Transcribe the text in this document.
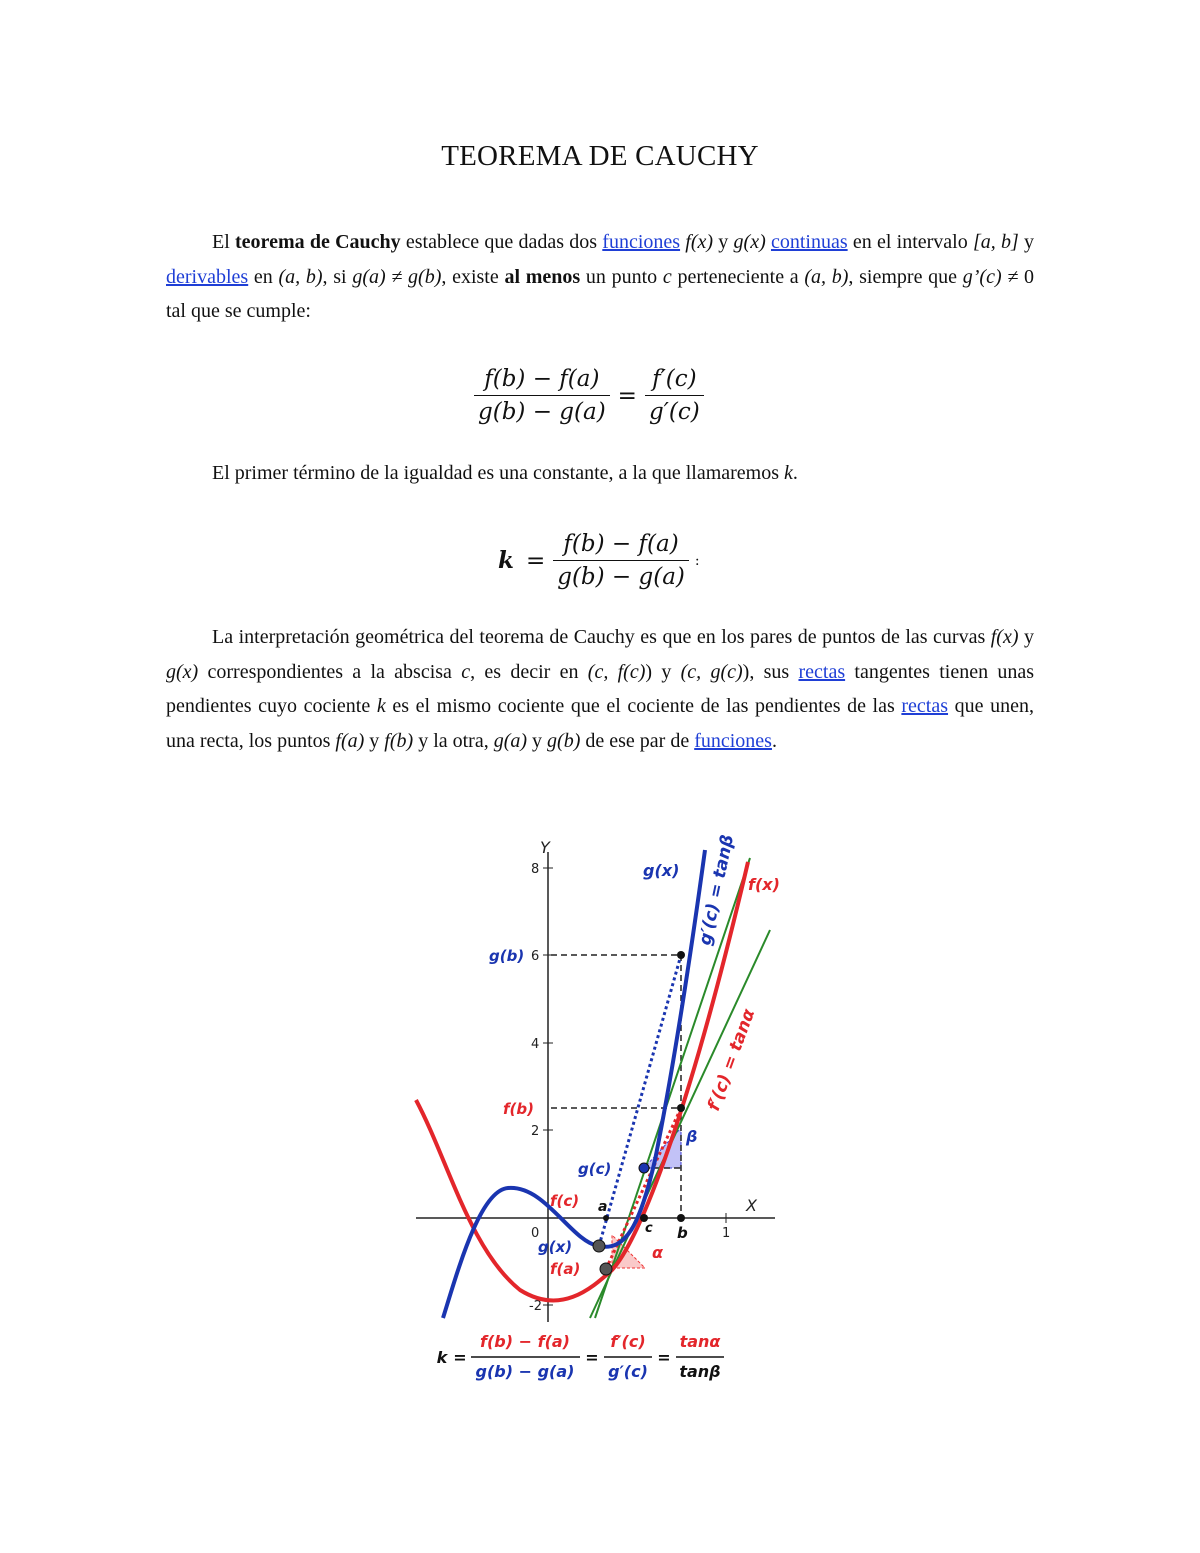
TEOREMA DE CAUCHY
El teorema de Cauchy establece que dadas dos funciones f(x) y g(x) continuas en el intervalo [a, b] y derivables en (a, b), si g(a) ≠ g(b), existe al menos un punto c perteneciente a (a, b), siempre que g’(c) ≠ 0 tal que se cumple:
$\frac{f(b) - f(a)}{g(b) - g(a)} = \frac{f'(c)}{g'(c)}$
El primer término de la igualdad es una constante, a la que llamaremos k.
$k = \frac{f(b) - f(a)}{g(b) - g(a)}$ :
La interpretación geométrica del teorema de Cauchy es que en los pares de puntos de las curvas f(x) y g(x) correspondientes a la abscisa c, es decir en (c, f(c)) y (c, g(c)), sus rectas tangentes tienen unas pendientes cuyo cociente k es el mismo cociente que el cociente de las pendientes de las rectas que unen, una recta, los puntos f(a) y f(b) y la otra, g(a) y g(b) de ese par de funciones.
Y
X
8
6
4
2
-2
0	1
g(x)
f(x)
g(b)
f(b)
g(c)
f(c)
g(x)
f(a)
a
c b
α
β
g′(c) = tanβ
f′(c) = tanα
k =
f(b) − f(a)
g(b) − g(a)
=
f′(c)
g′(c)
=
tanα
tanβ
